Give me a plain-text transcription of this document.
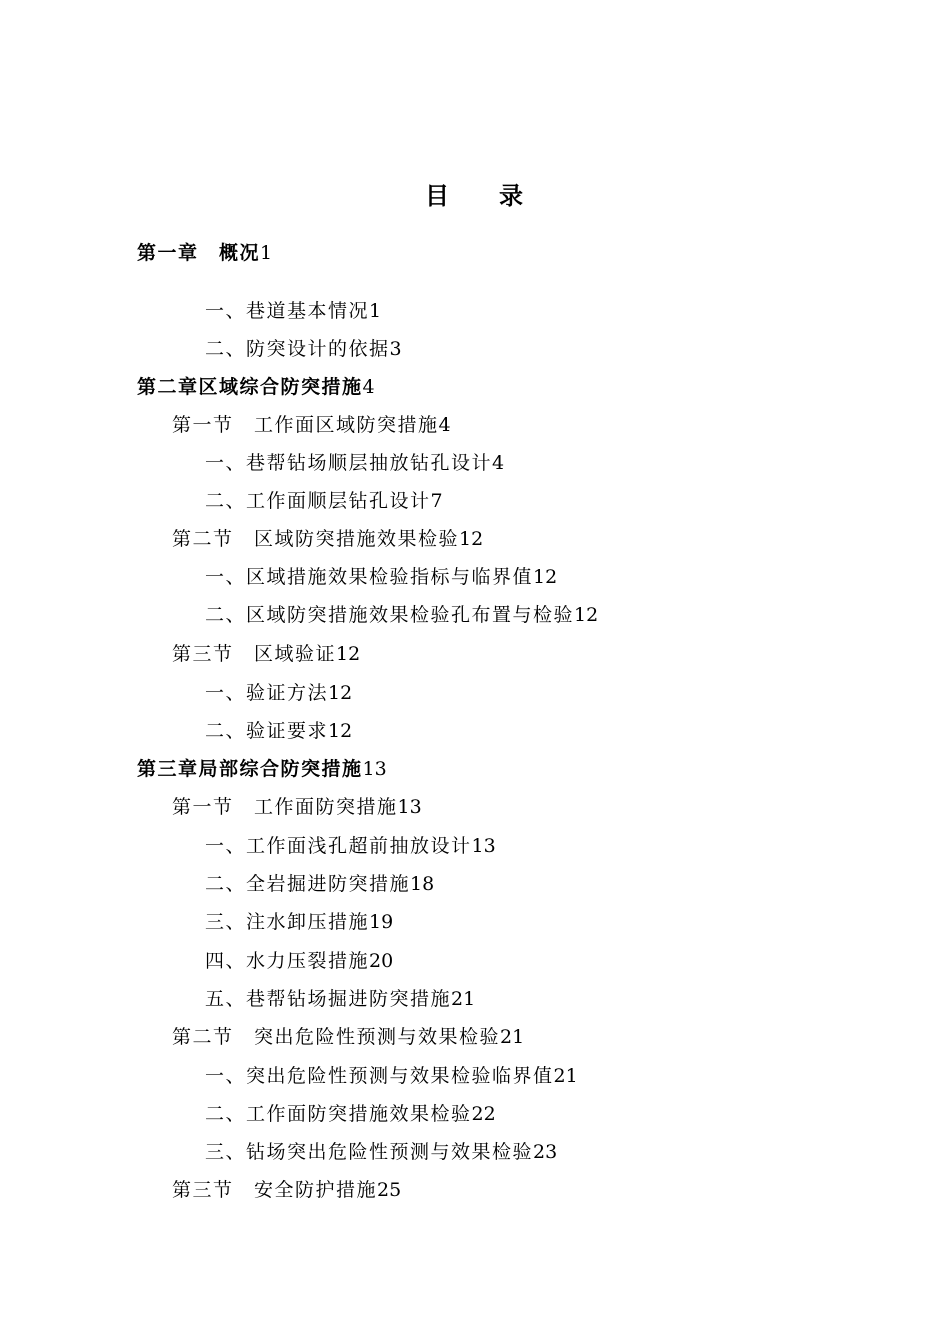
目 录
第一章　概况1
一、巷道基本情况1
二、防突设计的依据3
第二章区域综合防突措施4
第一节　工作面区域防突措施4
一、巷帮钻场顺层抽放钻孔设计4
二、工作面顺层钻孔设计7
第二节　区域防突措施效果检验12
一、区域措施效果检验指标与临界值12
二、区域防突措施效果检验孔布置与检验12
第三节　区域验证12
一、验证方法12
二、验证要求12
第三章局部综合防突措施13
第一节　工作面防突措施13
一、工作面浅孔超前抽放设计13
二、全岩掘进防突措施18
三、注水卸压措施19
四、水力压裂措施20
五、巷帮钻场掘进防突措施21
第二节　突出危险性预测与效果检验21
一、突出危险性预测与效果检验临界值21
二、工作面防突措施效果检验22
三、钻场突出危险性预测与效果检验23
第三节　安全防护措施25
